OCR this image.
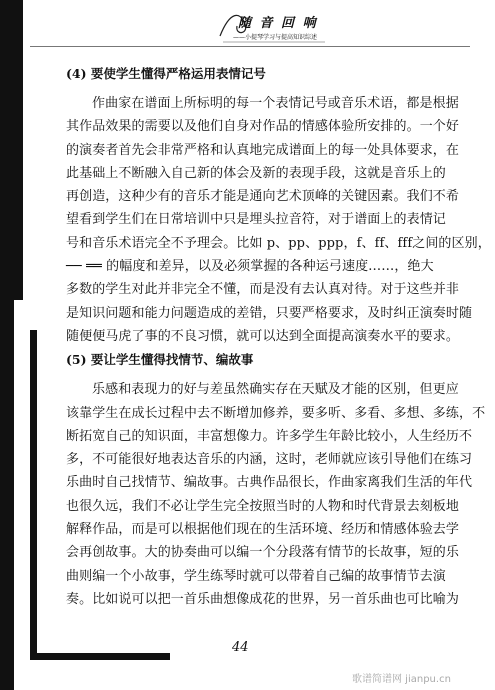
随 音 回 响
——小提琴学习与提高知识综述
(4) 要使学生懂得严格运用表情记号

作曲家在谱面上所标明的每一个表情记号或音乐术语，都是根据
其作品效果的需要以及他们自身对作品的情感体验所安排的。一个好
的演奏者首先会非常严格和认真地完成谱面上的每一处具体要求，在
此基础上不断融入自己新的体会及新的表现手段，这就是音乐上的
再创造，这种少有的音乐才能是通向艺术顶峰的关键因素。我们不希
望看到学生们在日常培训中只是埋头拉音符，对于谱面上的表情记
号和音乐术语完全不予理会。比如 p、pp、ppp，f、ff、fff之间的区别，
── ══ 的幅度和差异，以及必须掌握的各种运弓速度……，绝大
多数的学生对此并非完全不懂，而是没有去认真对待。对于这些并非
是知识问题和能力问题造成的差错，只要严格要求，及时纠正演奏时随
随便便马虎了事的不良习惯，就可以达到全面提高演奏水平的要求。

(5) 要让学生懂得找情节、编故事

乐感和表现力的好与差虽然确实存在天赋及才能的区别，但更应
该靠学生在成长过程中去不断增加修养，要多听、多看、多想、多练，不
断拓宽自己的知识面，丰富想像力。许多学生年龄比较小，人生经历不
多，不可能很好地表达音乐的内涵，这时，老师就应该引导他们在练习
乐曲时自己找情节、编故事。古典作品很长，作曲家离我们生活的年代
也很久远，我们不必让学生完全按照当时的人物和时代背景去刻板地
解释作品，而是可以根据他们现在的生活环境、经历和情感体验去学
会再创故事。大的协奏曲可以编一个分段落有情节的长故事，短的乐
曲则编一个小故事，学生练琴时就可以带着自己编的故事情节去演
奏。比如说可以把一首乐曲想像成花的世界，另一首乐曲也可比喻为

44
歌谱简谱网 jianpu.cn
